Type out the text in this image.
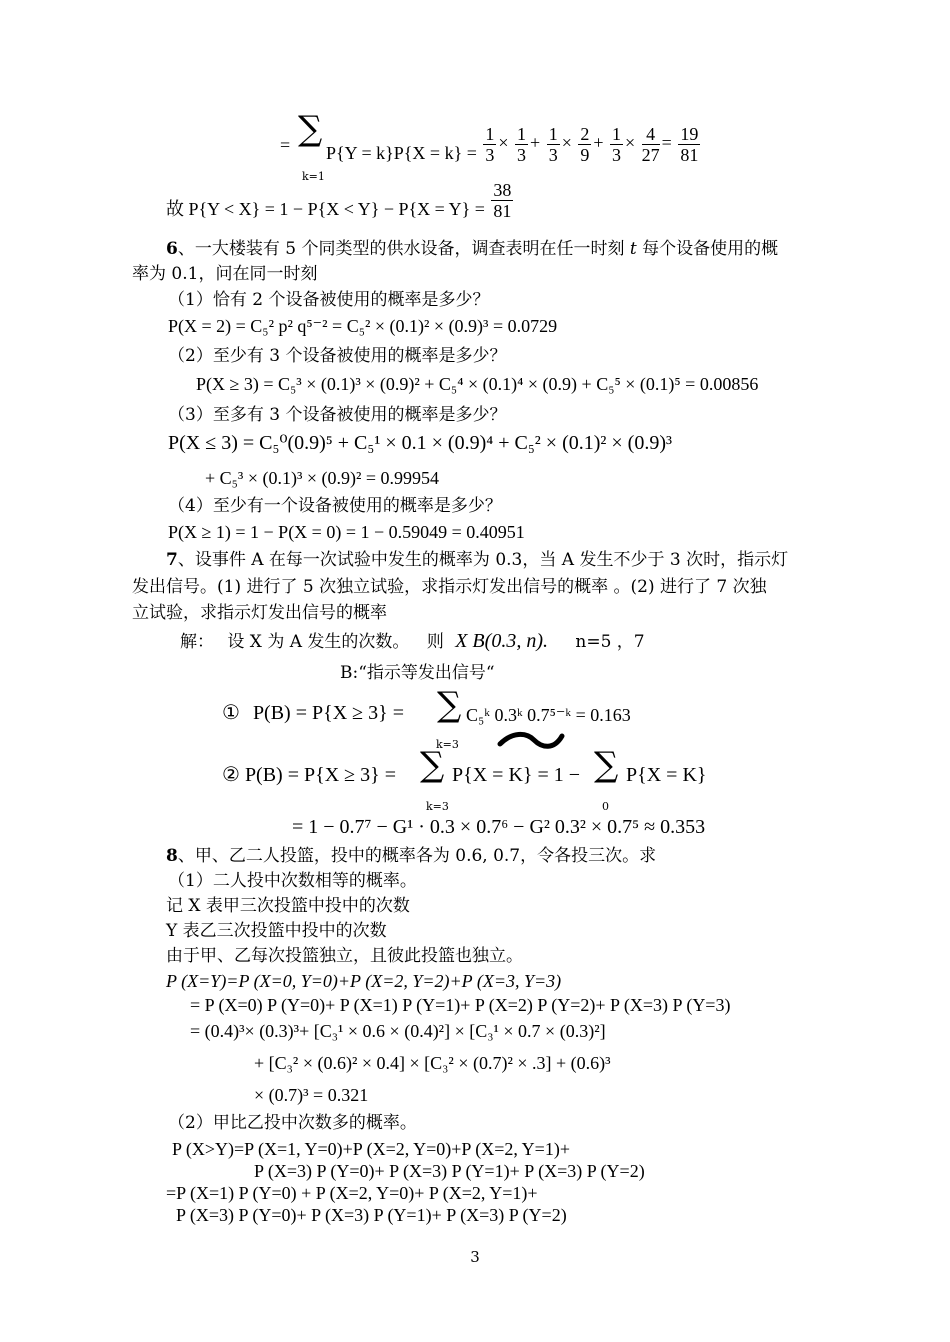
= ∑
k=1
$P\{Y = k\}P\{X = k\} = \frac{1}{3} \times \frac{1}{3} + \frac{1}{3} \times \frac{2}{9} + \frac{1}{3} \times \frac{4}{27} = \frac{19}{81}$
故 $P\{Y < X\} = 1 - P\{X < Y\} - P\{X = Y\} = \frac{38}{81}$
6、一大楼装有 5 个同类型的供水设备，调查表明在任一时刻 t 每个设备使用的概
率为 0.1，问在同一时刻
（1）恰有 2 个设备被使用的概率是多少？
P(X = 2) = C₅² p² q⁵⁻² = C₅² × (0.1)² × (0.9)³ = 0.0729
（2）至少有 3 个设备被使用的概率是多少？
P(X ≥ 3) = C₅³ × (0.1)³ × (0.9)² + C₅⁴ × (0.1)⁴ × (0.9) + C₅⁵ × (0.1)⁵ = 0.00856
（3）至多有 3 个设备被使用的概率是多少？
P(X ≤ 3) = C₅⁰(0.9)⁵ + C₅¹ × 0.1 × (0.9)⁴ + C₅² × (0.1)² × (0.9)³
+ C₅³ × (0.1)³ × (0.9)² = 0.99954
（4）至少有一个设备被使用的概率是多少？
P(X ≥ 1) = 1 − P(X = 0) = 1 − 0.59049 = 0.40951
7、设事件 A 在每一次试验中发生的概率为 0.3，当 A 发生不少于 3 次时，指示灯
发出信号。(1) 进行了 5 次独立试验，求指示灯发出信号的概率 。(2) 进行了 7 次独
立试验，求指示灯发出信号的概率
解： 设 X 为 A 发生的次数。 则 X B(0.3, n). n=5 ，7
B:“指示等发出信号“
① P(B) = P{X ≥ 3} = ∑ C₅ᵏ 0.3ᵏ 0.7⁵⁻ᵏ = 0.163
k=3
② P(B) = P{X ≥ 3} = ∑ P{X = K} = 1 − ∑ P{X = K}
k=3	0
= 1 − 0.7⁷ − G¹ · 0.3 × 0.7⁶ − G² 0.3² × 0.7⁵ ≈ 0.353
8、甲、乙二人投篮，投中的概率各为 0.6, 0.7，令各投三次。求
（1）二人投中次数相等的概率。
记 X 表甲三次投篮中投中的次数
Y 表乙三次投篮中投中的次数
由于甲、乙每次投篮独立，且彼此投篮也独立。
P (X=Y)=P (X=0, Y=0)+P (X=2, Y=2)+P (X=3, Y=3)
= P (X=0) P (Y=0)+ P (X=1) P (Y=1)+ P (X=2) P (Y=2)+ P (X=3) P (Y=3)
= (0.4)³× (0.3)³+ [C₃¹ × 0.6 × (0.4)²] × [C₃¹ × 0.7 × (0.3)²]
+ [C₃² × (0.6)² × 0.4] × [C₃² × (0.7)² × .3] + (0.6)³
× (0.7)³ = 0.321
（2）甲比乙投中次数多的概率。
P (X>Y)=P (X=1, Y=0)+P (X=2, Y=0)+P (X=2, Y=1)+
P (X=3) P (Y=0)+ P (X=3) P (Y=1)+ P (X=3) P (Y=2)
=P (X=1) P (Y=0) + P (X=2, Y=0)+ P (X=2, Y=1)+
P (X=3) P (Y=0)+ P (X=3) P (Y=1)+ P (X=3) P (Y=2)
3
